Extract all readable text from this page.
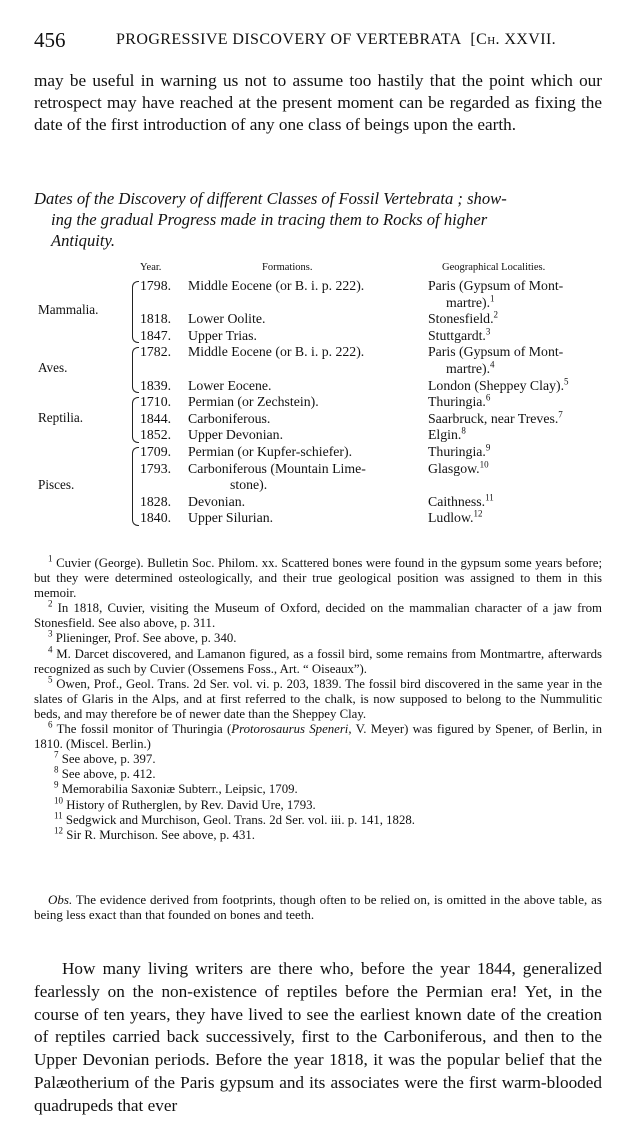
456	PROGRESSIVE DISCOVERY OF VERTEBRATA [Ch. XXVII.

may be useful in warning us not to assume too hastily that the point which our retrospect may have reached at the present moment can be regarded as fixing the date of the first introduction of any one class of beings upon the earth.

Dates of the Discovery of different Classes of Fossil Vertebrata ; show-
ing the gradual Progress made in tracing them to Rocks of higher
Antiquity.
Year.	Formations.	Geographical Localities.
1798.	Middle Eocene (or B. i. p. 222).	Paris (Gypsum of Mont-
martre).$^1$
1818.	Lower Oolite.	Stonesfield.$^2$
1847.	Upper Trias.	Stuttgardt.$^3$
Mammalia.
1782.	Middle Eocene (or B. i. p. 222).	Paris (Gypsum of Mont-
martre).$^4$
1839.	Lower Eocene.	London (Sheppey Clay).$^5$
Aves.
1710.	Permian (or Zechstein).	Thuringia.$^6$
1844.	Carboniferous.	Saarbruck, near Treves.$^7$
1852.	Upper Devonian.	Elgin.$^8$
Reptilia.
1709.	Permian (or Kupfer-schiefer).	Thuringia.$^9$
1793.	Carboniferous (Mountain Lime-	Glasgow.$^{10}$
stone).
1828.	Devonian.	Caithness.$^{11}$
1840.	Upper Silurian.	Ludlow.$^{12}$
Pisces.

$^1$ Cuvier (George). Bulletin Soc. Philom. xx. Scattered bones were found in the gypsum some years before; but they were determined osteologically, and their true geological position was assigned to them in this memoir.

$^2$ In 1818, Cuvier, visiting the Museum of Oxford, decided on the mammalian character of a jaw from Stonesfield. See also above, p. 311.

$^3$ Plieninger, Prof. See above, p. 340.

$^4$ M. Darcet discovered, and Lamanon figured, as a fossil bird, some remains from Montmartre, afterwards recognized as such by Cuvier (Ossemens Foss., Art. “ Oiseaux”).

$^5$ Owen, Prof., Geol. Trans. 2d Ser. vol. vi. p. 203, 1839. The fossil bird discovered in the same year in the slates of Glaris in the Alps, and at first referred to the chalk, is now supposed to belong to the Nummulitic beds, and may therefore be of newer date than the Sheppey Clay.

$^6$ The fossil monitor of Thuringia (Protorosaurus Speneri, V. Meyer) was figured by Spener, of Berlin, in 1810. (Miscel. Berlin.)

$^7$ See above, p. 397.

$^8$ See above, p. 412.

$^9$ Memorabilia Saxoniæ Subterr., Leipsic, 1709.

$^{10}$ History of Rutherglen, by Rev. David Ure, 1793.

$^{11}$ Sedgwick and Murchison, Geol. Trans. 2d Ser. vol. iii. p. 141, 1828.

$^{12}$ Sir R. Murchison. See above, p. 431.

Obs. The evidence derived from footprints, though often to be relied on, is omitted in the above table, as being less exact than that founded on bones and teeth.
How many living writers are there who, before the year 1844, generalized fearlessly on the non-existence of reptiles before the Permian era! Yet, in the course of ten years, they have lived to see the earliest known date of the creation of reptiles carried back successively, first to the Carboniferous, and then to the Upper Devonian periods. Before the year 1818, it was the popular belief that the Palæotherium of the Paris gypsum and its associates were the first warm-blooded quadrupeds that ever
